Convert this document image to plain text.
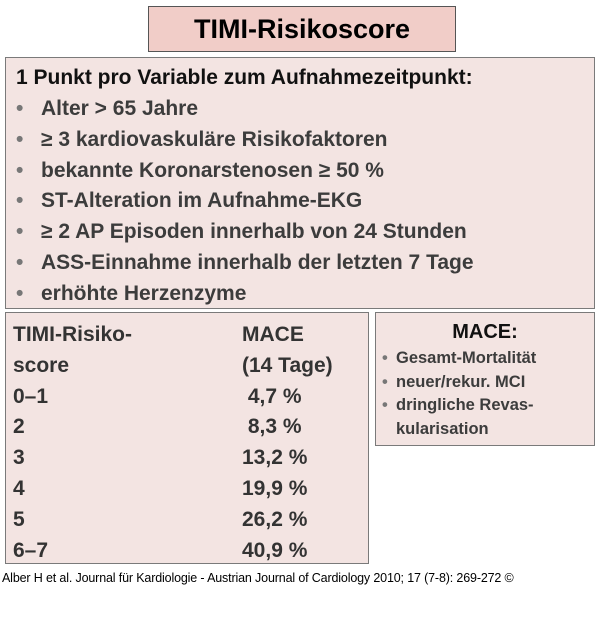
TIMI-Risikoscore
1 Punkt pro Variable zum Aufnahmezeitpunkt:
• Alter > 65 Jahre
• ≥ 3 kardiovaskuläre Risikofaktoren
• bekannte Koronarstenosen ≥ 50 %
• ST-Alteration im Aufnahme-EKG
• ≥ 2 AP Episoden innerhalb von 24 Stunden
• ASS-Einnahme innerhalb der letzten 7 Tage
• erhöhte Herzenzyme
TIMI-Risiko-
score
0–1
2
3
4
5
6–7
MACE
(14 Tage)
4,7 %
8,3 %
13,2 %
19,9 %
26,2 %
40,9 %
MACE:
• Gesamt-Mortalität
• neuer/rekur. MCI
• dringliche Revas-
kularisation
Alber H et al. Journal für Kardiologie - Austrian Journal of Cardiology 2010; 17 (7-8): 269-272 ©
